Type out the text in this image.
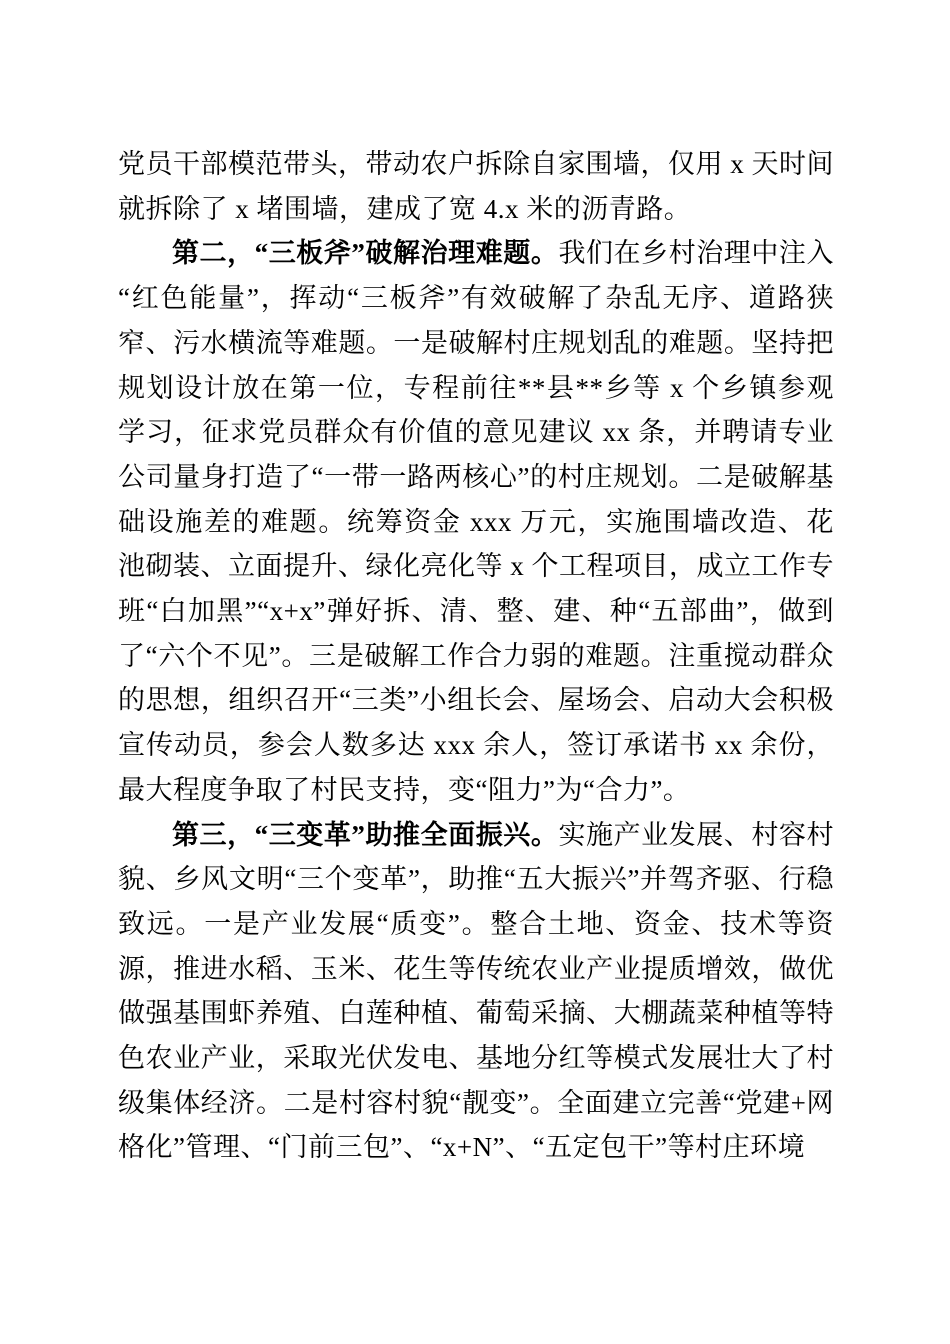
党员干部模范带头，带动农户拆除自家围墙，仅用 x 天时间就拆除了 x 堵围墙，建成了宽 4.x 米的沥青路。

第二，“三板斧”破解治理难题。我们在乡村治理中注入“红色能量”，挥动“三板斧”有效破解了杂乱无序、道路狭窄、污水横流等难题。一是破解村庄规划乱的难题。坚持把规划设计放在第一位，专程前往**县**乡等 x 个乡镇参观学习，征求党员群众有价值的意见建议 xx 条，并聘请专业公司量身打造了“一带一路两核心”的村庄规划。二是破解基础设施差的难题。统筹资金 xxx 万元，实施围墙改造、花池砌装、立面提升、绿化亮化等 x 个工程项目，成立工作专班“白加黑”“x+x”弹好拆、清、整、建、种“五部曲”，做到了“六个不见”。三是破解工作合力弱的难题。注重搅动群众的思想，组织召开“三类”小组长会、屋场会、启动大会积极宣传动员，参会人数多达 xxx 余人，签订承诺书 xx 余份，最大程度争取了村民支持，变“阻力”为“合力”。

第三，“三变革”助推全面振兴。实施产业发展、村容村貌、乡风文明“三个变革”，助推“五大振兴”并驾齐驱、行稳致远。一是产业发展“质变”。整合土地、资金、技术等资源，推进水稻、玉米、花生等传统农业产业提质增效，做优做强基围虾养殖、白莲种植、葡萄采摘、大棚蔬菜种植等特色农业产业，采取光伏发电、基地分红等模式发展壮大了村级集体经济。二是村容村貌“靓变”。全面建立完善“党建+网格化”管理、“门前三包”、“x+N”、“五定包干”等村庄环境
